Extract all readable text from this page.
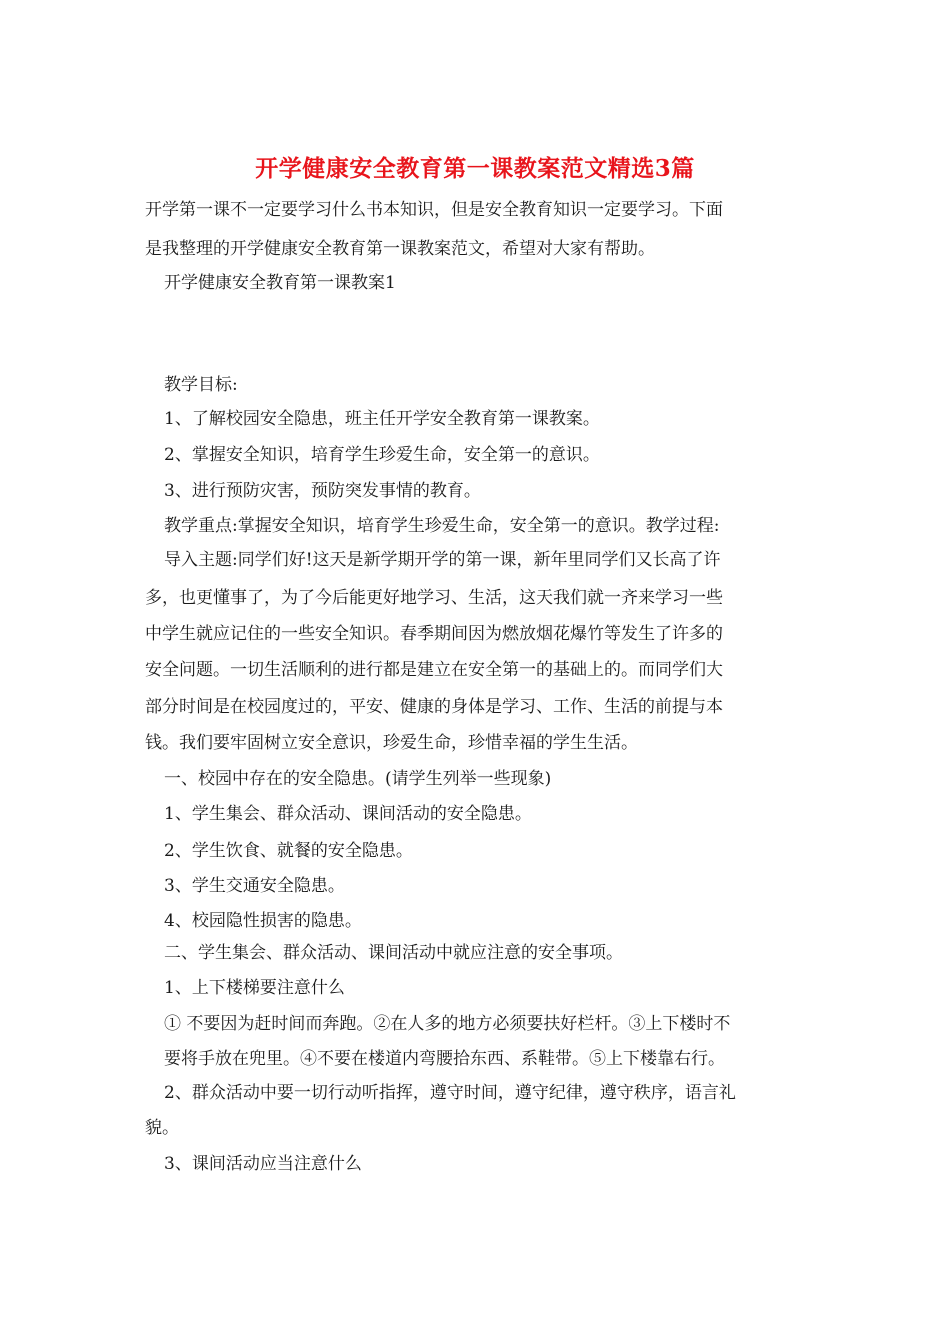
开学健康安全教育第一课教案范文精选3篇
开学第一课不一定要学习什么书本知识，但是安全教育知识一定要学习。下面
是我整理的开学健康安全教育第一课教案范文，希望对大家有帮助。
开学健康安全教育第一课教案1
教学目标:
1、了解校园安全隐患，班主任开学安全教育第一课教案。
2、掌握安全知识，培育学生珍爱生命，安全第一的意识。
3、进行预防灾害，预防突发事情的教育。
教学重点:掌握安全知识，培育学生珍爱生命，安全第一的意识。教学过程:
导入主题:同学们好!这天是新学期开学的第一课，新年里同学们又长高了许
多，也更懂事了，为了今后能更好地学习、生活，这天我们就一齐来学习一些
中学生就应记住的一些安全知识。春季期间因为燃放烟花爆竹等发生了许多的
安全问题。一切生活顺利的进行都是建立在安全第一的基础上的。而同学们大
部分时间是在校园度过的，平安、健康的身体是学习、工作、生活的前提与本
钱。我们要牢固树立安全意识，珍爱生命，珍惜幸福的学生生活。
一、校园中存在的安全隐患。(请学生列举一些现象)
1、学生集会、群众活动、课间活动的安全隐患。
2、学生饮食、就餐的安全隐患。
3、学生交通安全隐患。
4、校园隐性损害的隐患。
二、学生集会、群众活动、课间活动中就应注意的安全事项。
1、上下楼梯要注意什么
① 不要因为赶时间而奔跑。②在人多的地方必须要扶好栏杆。③上下楼时不
要将手放在兜里。④不要在楼道内弯腰拾东西、系鞋带。⑤上下楼靠右行。
2、群众活动中要一切行动听指挥，遵守时间，遵守纪律，遵守秩序，语言礼
貌。
3、课间活动应当注意什么
